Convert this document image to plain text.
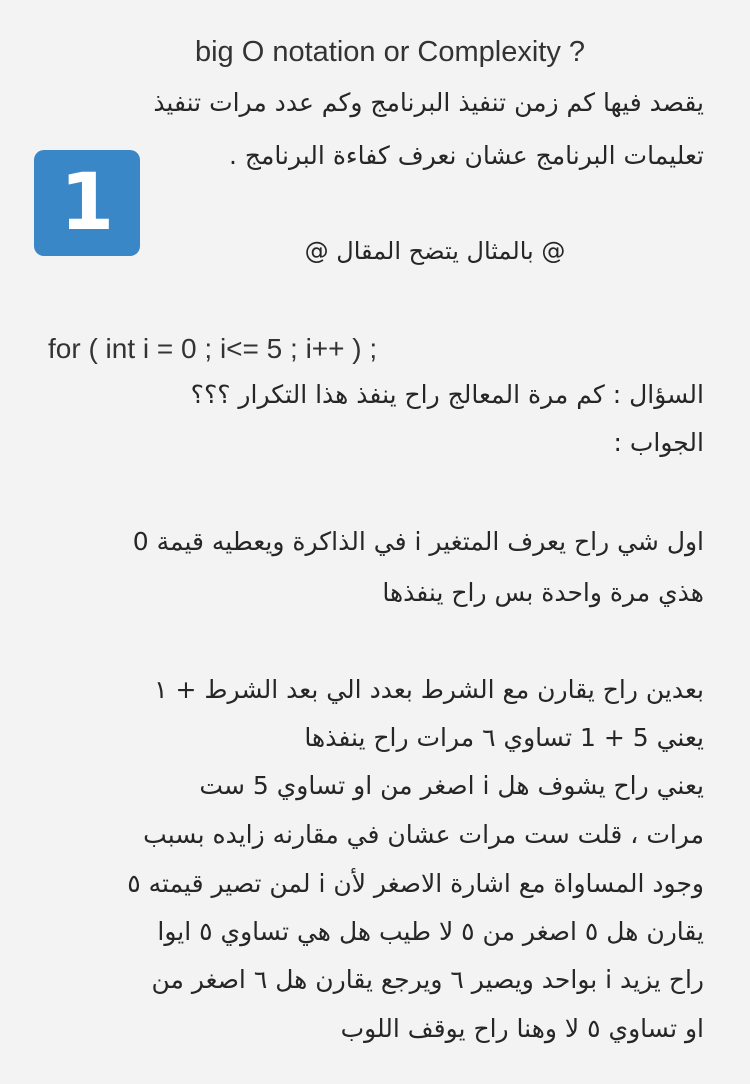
big O notation or Complexity ?
يقصد فيها كم زمن تنفيذ البرنامج وكم عدد مرات تنفيذ
تعليمات البرنامج عشان نعرف كفاءة البرنامج .
1
@ بالمثال يتضح المقال @
for ( int i = 0 ; i<= 5 ; i++ ) ;
السؤال : كم مرة المعالج راح ينفذ هذا التكرار ؟؟؟
الجواب :
اول شي راح يعرف المتغير i في الذاكرة ويعطيه قيمة 0
هذي مرة واحدة بس راح ينفذها
بعدين راح يقارن مع الشرط بعدد الي بعد الشرط + ١
يعني 5 + 1 تساوي ٦ مرات راح ينفذها
يعني راح يشوف هل i اصغر من او تساوي 5 ست
مرات ، قلت ست مرات عشان في مقارنه زايده بسبب
وجود المساواة مع اشارة الاصغر لأن i لمن تصير قيمته ٥
يقارن هل ٥ اصغر من ٥ لا طيب هل هي تساوي ٥ ايوا
راح يزيد i بواحد ويصير ٦ ويرجع يقارن هل ٦ اصغر من
او تساوي ٥ لا وهنا راح يوقف اللوب
